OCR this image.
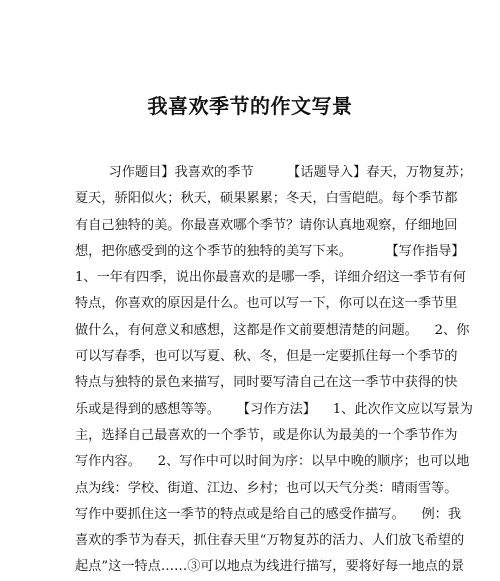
我喜欢季节的作文写景
习作题目】我喜欢的季节        【话题导入】春天，万物复苏；
夏天，骄阳似火；秋天，硕果累累；冬天，白雪皑皑。每个季节都
有自己独特的美。你最喜欢哪个季节？请你认真地观察，仔细地回
想，把你感受到的这个季节的独特的美写下来。        【写作指导】
1、一年有四季，说出你最喜欢的是哪一季，详细介绍这一季节有何
特点，你喜欢的原因是什么。也可以写一下，你可以在这一季节里
做什么，有何意义和感想，这都是作文前要想清楚的问题。    2、你
可以写春季，也可以写夏、秋、冬，但是一定要抓住每一个季节的
特点与独特的景色来描写，同时要写清自己在这一季节中获得的快
乐或是得到的感想等等。    【习作方法】    1、此次作文应以写景为
主，选择自己最喜欢的一个季节，或是你认为最美的一个季节作为
写作内容。    2、写作中可以时间为序：以早中晚的顺序；也可以地
点为线：学校、街道、江边、乡村；也可以天气分类：晴雨雪等。
写作中要抓住这一季节的特点或是给自己的感受作描写。    例：我
喜欢的季节为春天，抓住春天里“万物复苏的活力、人们放飞希望的
起点”这一特点……③可以地点为线进行描写，要将好每一地点的景
